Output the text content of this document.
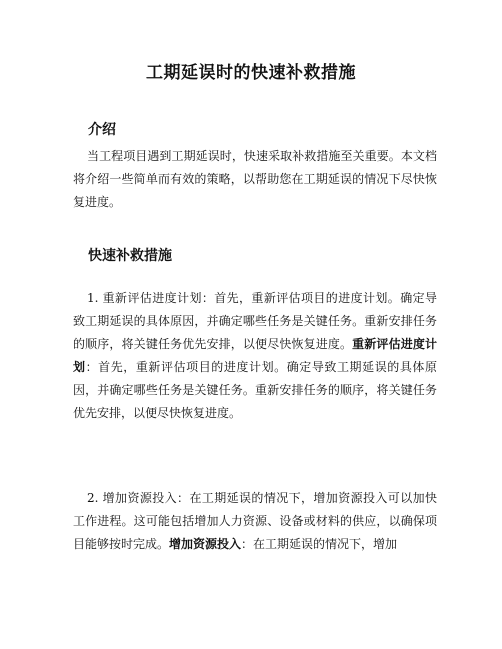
工期延误时的快速补救措施
介绍

当工程项目遇到工期延误时，快速采取补救措施至关重要。本文档将介绍一些简单而有效的策略，以帮助您在工期延误的情况下尽快恢复进度。

快速补救措施

1. 重新评估进度计划：首先，重新评估项目的进度计划。确定导致工期延误的具体原因，并确定哪些任务是关键任务。重新安排任务的顺序，将关键任务优先安排，以便尽快恢复进度。重新评估进度计划：首先，重新评估项目的进度计划。确定导致工期延误的具体原因，并确定哪些任务是关键任务。重新安排任务的顺序，将关键任务优先安排，以便尽快恢复进度。

2. 增加资源投入：在工期延误的情况下，增加资源投入可以加快工作进程。这可能包括增加人力资源、设备或材料的供应，以确保项目能够按时完成。增加资源投入：在工期延误的情况下，增加
